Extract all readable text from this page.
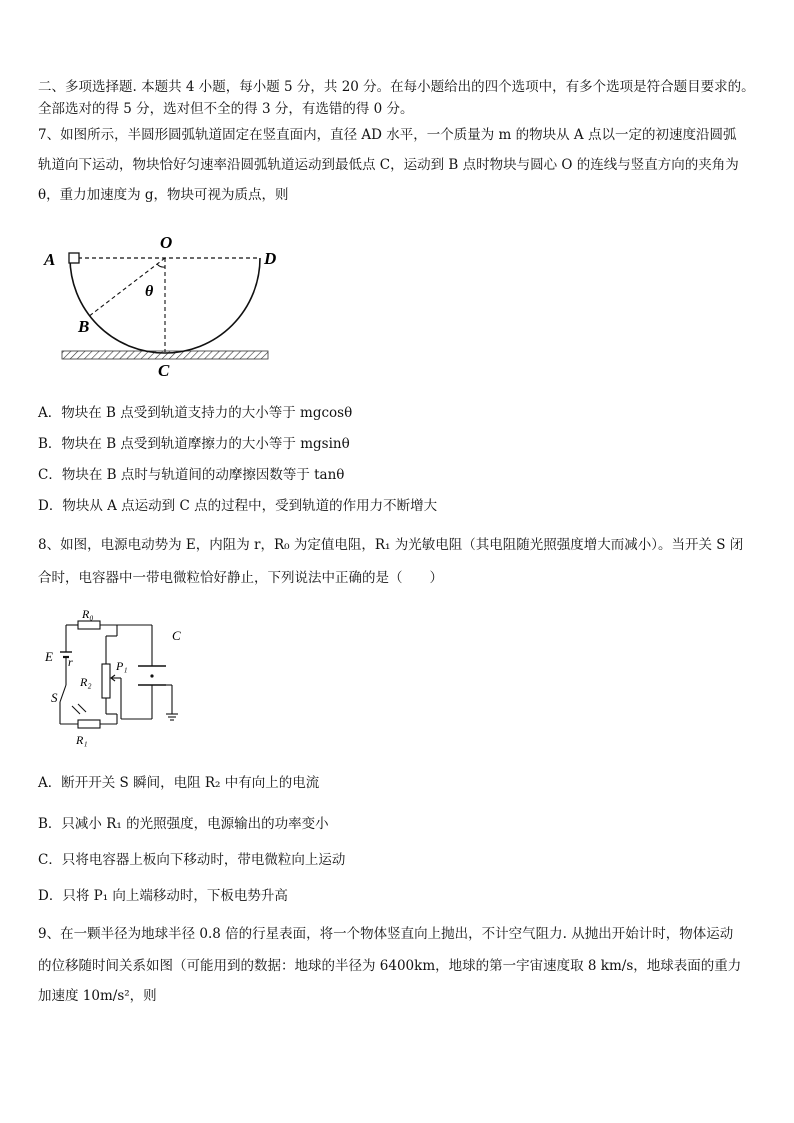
二、多项选择题. 本题共 4 小题，每小题 5 分，共 20 分。在每小题给出的四个选项中，有多个选项是符合题目要求的。
全部选对的得 5 分，选对但不全的得 3 分，有选错的得 0 分。
7、如图所示，半圆形圆弧轨道固定在竖直面内，直径 AD 水平，一个质量为 m 的物块从 A 点以一定的初速度沿圆弧
轨道向下运动，物块恰好匀速率沿圆弧轨道运动到最低点 C，运动到 B 点时物块与圆心 O 的连线与竖直方向的夹角为
θ，重力加速度为 g，物块可视为质点，则
A
O
D
θ
B
C
A．物块在 B 点受到轨道支持力的大小等于 mgcosθ
B．物块在 B 点受到轨道摩擦力的大小等于 mgsinθ
C．物块在 B 点时与轨道间的动摩擦因数等于 tanθ
D．物块从 A 点运动到 C 点的过程中，受到轨道的作用力不断增大
8、如图，电源电动势为 E，内阻为 r，R₀ 为定值电阻，R₁ 为光敏电阻（其电阻随光照强度增大而减小）。当开关 S 闭
合时，电容器中一带电微粒恰好静止，下列说法中正确的是（　　）
R₀
C
E r	P₁
R₂
S
R₁
A．断开开关 S 瞬间，电阻 R₂ 中有向上的电流
B．只减小 R₁ 的光照强度，电源输出的功率变小
C．只将电容器上板向下移动时，带电微粒向上运动
D．只将 P₁ 向上端移动时，下板电势升高
9、在一颗半径为地球半径 0.8 倍的行星表面，将一个物体竖直向上抛出，不计空气阻力. 从抛出开始计时，物体运动
的位移随时间关系如图（可能用到的数据：地球的半径为 6400km，地球的第一宇宙速度取 8 km/s，地球表面的重力
加速度 10m/s²，则
